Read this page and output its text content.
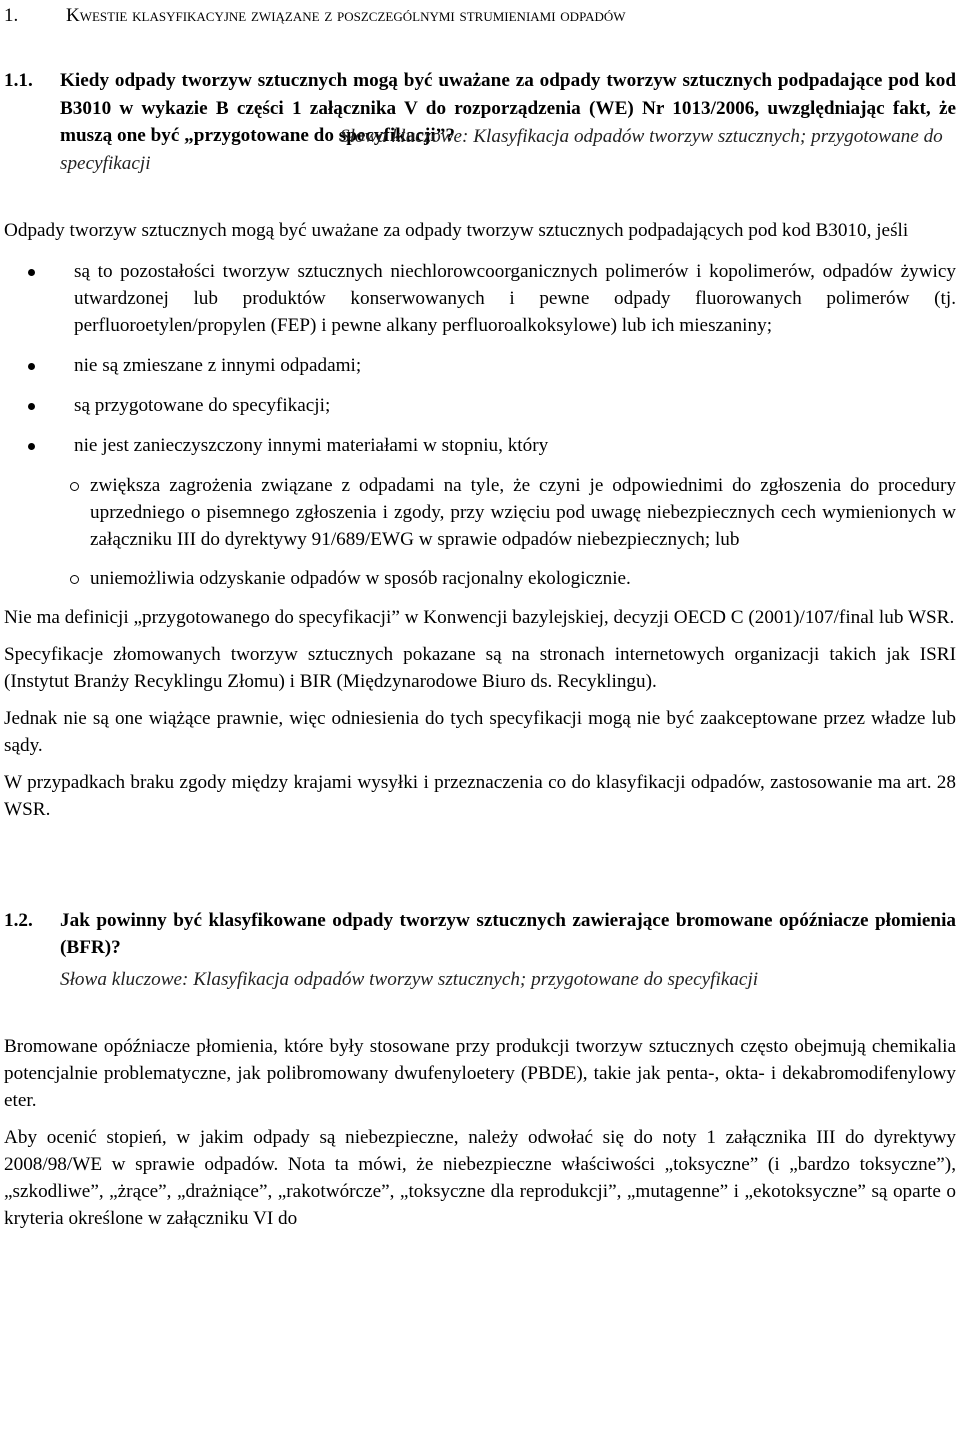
1.	Kwestie klasyfikacyjne związane z poszczególnymi strumieniami odpadów
1.1.	Kiedy odpady tworzyw sztucznych mogą być uważane za odpady tworzyw sztucznych podpadające pod kod B3010 w wykazie B części 1 załącznika V do rozporządzenia (WE) Nr 1013/2006, uwzględniając fakt, że muszą one być „przygotowane do specyfikacji”?
Słowa kluczowe: Klasyfikacja odpadów tworzyw sztucznych; przygotowane do specyfikacji

Odpady tworzyw sztucznych mogą być uważane za odpady tworzyw sztucznych podpadających pod kod B3010, jeśli

są to pozostałości tworzyw sztucznych niechlorowcoorganicznych polimerów i kopolimerów, odpadów żywicy utwardzonej lub produktów konserwowanych i pewne odpady fluorowanych polimerów (tj. perfluoroetylen/propylen (FEP) i pewne alkany perfluoroalkoksylowe) lub ich mieszaniny;
nie są zmieszane z innymi odpadami;
są przygotowane do specyfikacji;
nie jest zanieczyszczony innymi materiałami w stopniu, który
zwiększa zagrożenia związane z odpadami na tyle, że czyni je odpowiednimi do zgłoszenia do procedury uprzedniego o pisemnego zgłoszenia i zgody, przy wzięciu pod uwagę niebezpiecznych cech wymienionych w załączniku III do dyrektywy 91/689/EWG w sprawie odpadów niebezpiecznych; lub
uniemożliwia odzyskanie odpadów w sposób racjonalny ekologicznie.

Nie ma definicji „przygotowanego do specyfikacji” w Konwencji bazylejskiej, decyzji OECD C (2001)/107/final lub WSR.

Specyfikacje złomowanych tworzyw sztucznych pokazane są na stronach internetowych organizacji takich jak ISRI (Instytut Branży Recyklingu Złomu) i BIR (Międzynarodowe Biuro ds. Recyklingu).

Jednak nie są one wiążące prawnie, więc odniesienia do tych specyfikacji mogą nie być zaakceptowane przez władze lub sądy.

W przypadkach braku zgody między krajami wysyłki i przeznaczenia co do klasyfikacji odpadów, zastosowanie ma art. 28 WSR.

1.2.	Jak powinny być klasyfikowane odpady tworzyw sztucznych zawierające bromowane opóźniacze płomienia (BFR)?
Słowa kluczowe: Klasyfikacja odpadów tworzyw sztucznych; przygotowane do specyfikacji

Bromowane opóźniacze płomienia, które były stosowane przy produkcji tworzyw sztucznych często obejmują chemikalia potencjalnie problematyczne, jak polibromowany dwufenyloetery (PBDE), takie jak penta-, okta- i dekabromodifenylowy eter.

Aby ocenić stopień, w jakim odpady są niebezpieczne, należy odwołać się do noty 1 załącznika III do dyrektywy 2008/98/WE w sprawie odpadów. Nota ta mówi, że niebezpieczne właściwości „toksyczne” (i „bardzo toksyczne”), „szkodliwe”, „żrące”, „drażniące”, „rakotwórcze”, „toksyczne dla reprodukcji”, „mutagenne” i „ekotoksyczne” są oparte o kryteria określone w załączniku VI do
